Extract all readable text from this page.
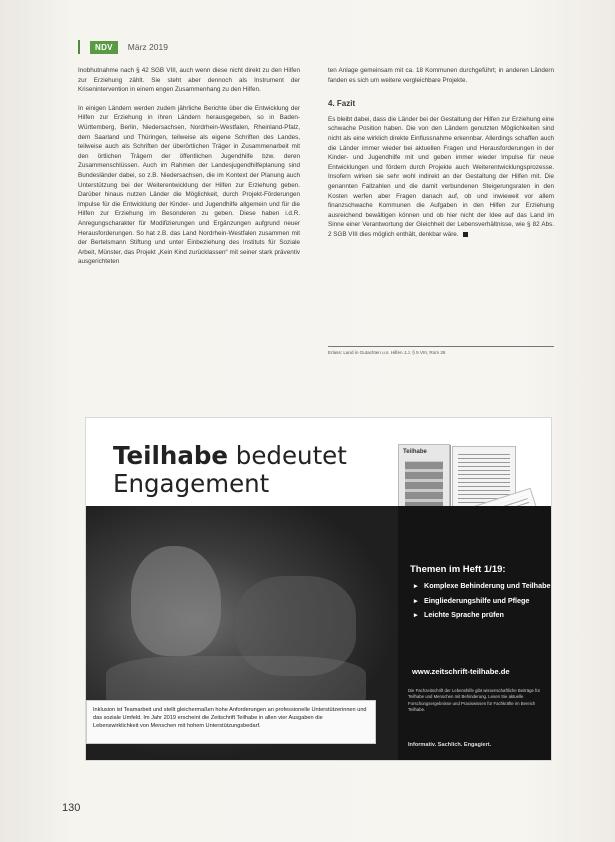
NDV	März 2019

Inobhutnahme nach § 42 SGB VIII, auch wenn diese nicht direkt zu den Hilfen zur Erziehung zählt. Sie steht aber dennoch als Instrument der Krisenintervention in einem engen Zusammenhang zu den Hilfen.

In einigen Ländern werden zudem jährliche Berichte über die Entwicklung der Hilfen zur Erziehung in ihren Ländern herausgegeben, so in Baden-Württemberg, Berlin, Niedersachsen, Nordrhein-Westfalen, Rheinland-Pfalz, dem Saarland und Thüringen, teilweise als eigene Schriften des Landes, teilweise auch als Schriften der überörtlichen Träger in Zusammenarbeit mit den örtlichen Trägern der öffentlichen Jugendhilfe bzw. deren Zusammenschlüssen. Auch im Rahmen der Landesjugendhilfeplanung sind Bundesländer dabei, so z.B. Niedersachsen, die im Kontext der Planung auch Unterstützung bei der Weiterentwicklung der Hilfen zur Erziehung geben. Darüber hinaus nutzen Länder die Möglichkeit, durch Projekt-Förderungen Impulse für die Entwicklung der Kinder- und Jugendhilfe allgemein und für die Hilfen zur Erziehung im Besonderen zu geben. Diese haben i.d.R. Anregungscharakter für Modifizierungen und Ergänzungen aufgrund neuer Herausforderungen. So hat z.B. das Land Nordrhein-Westfalen zusammen mit der Bertelsmann Stiftung und unter Einbeziehung des Instituts für Soziale Arbeit, Münster, das Projekt „Kein Kind zurücklassen“ mit seiner stark präventiv ausgerichteten

ten Anlage gemeinsam mit ca. 18 Kommunen durchgeführt; in anderen Ländern fanden es sich um weitere vergleichbare Projekte.

4. Fazit

Es bleibt dabei, dass die Länder bei der Gestaltung der Hilfen zur Erziehung eine schwache Position haben. Die von den Ländern genutzten Möglichkeiten sind nicht als eine wirklich direkte Einflussnahme erkennbar. Allerdings schaffen auch die Länder immer wieder bei aktuellen Fragen und Herausforderungen in der Kinder- und Jugendhilfe mit und geben immer wieder Impulse für neue Entwicklungen und fördern durch Projekte auch Weiterentwicklungsprozesse. Insofern wirken sie sehr wohl indirekt an der Gestaltung der Hilfen mit. Die genannten Fallzahlen und die damit verbundenen Steigerungsraten in den Kosten werfen aber Fragen danach auf, ob und inwieweit vor allem finanzschwache Kommunen die Aufgaben in den Hilfen zur Erziehung ausreichend bewältigen können und ob hier nicht der Idee auf das Land im Sinne einer Verantwortung der Gleichheit der Lebensverhältnisse, wie § 82 Abs. 2 SGB VIII dies möglich enthält, denkbar wäre.

Erlass: Land in Gutachten u.s. Hilfen J.J. § 5 VIII, Rom 26
Teilhabe bedeutet
Engagement
Teilhabe
Themen im Heft 1/19:
▸ Komplexe Behinderung und Teilhabe
▸ Eingliederungshilfe und Pflege
▸ Leichte Sprache prüfen
www.zeitschrift-teilhabe.de
Die Fachzeitschrift der Lebenshilfe gibt wissenschaftliche Beiträge für Teilhabe und Menschen mit Behinderung. Lesen Sie aktuelle Forschungsergebnisse und Praxiswissen für Fachkräfte im Bereich Teilhabe.
Informativ. Sachlich. Engagiert.
Inklusion ist Teamarbeit und stellt gleichermaßen hohe Anforderungen an professionelle Unterstützerinnen und das soziale Umfeld. Im Jahr 2019 erscheint die Zeitschrift Teilhabe in allen vier Ausgaben die Lebenswirklichkeit von Menschen mit hohem Unterstützungsbedarf.
130
